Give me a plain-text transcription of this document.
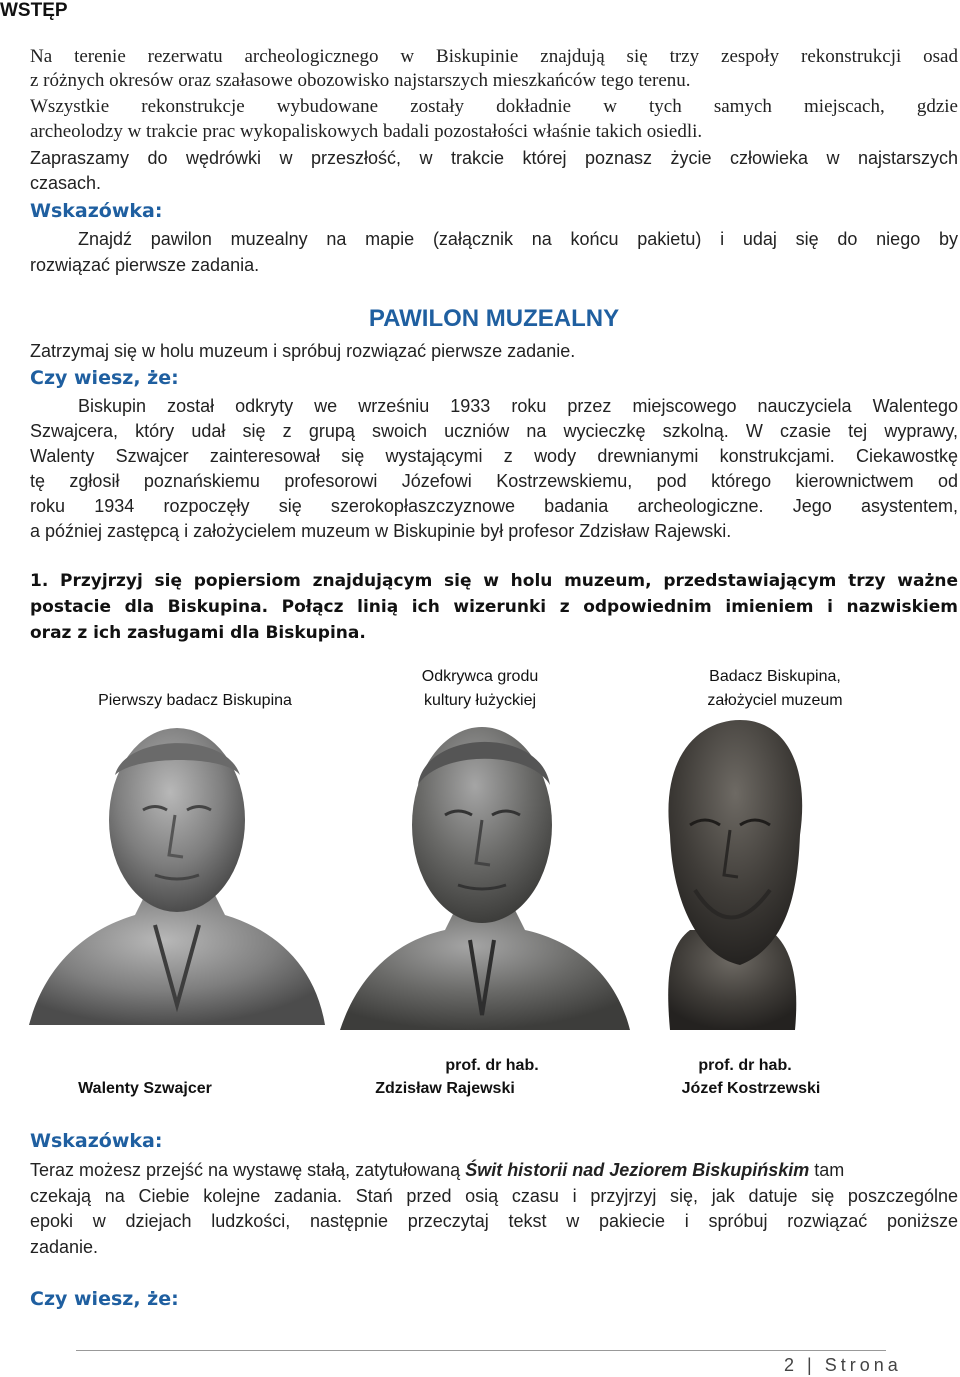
WSTĘP
Na terenie rezerwatu archeologicznego w Biskupinie znajdują się trzy zespoły rekonstrukcji osad
z różnych okresów oraz szałasowe obozowisko najstarszych mieszkańców tego terenu.
Wszystkie rekonstrukcje wybudowane zostały dokładnie w tych samych miejscach, gdzie
archeolodzy w trakcie prac wykopaliskowych badali pozostałości właśnie takich osiedli.
Zapraszamy do wędrówki w przeszłość, w trakcie której poznasz życie człowieka w najstarszych
czasach.
Wskazówka:
Znajdź pawilon muzealny na mapie (załącznik na końcu pakietu) i udaj się do niego by
rozwiązać pierwsze zadania.
PAWILON MUZEALNY
Zatrzymaj się w holu muzeum i spróbuj rozwiązać pierwsze zadanie.
Czy wiesz, że:
Biskupin został odkryty we wrześniu 1933 roku przez miejscowego nauczyciela Walentego
Szwajcera, który udał się z grupą swoich uczniów na wycieczkę szkolną. W czasie tej wyprawy,
Walenty Szwajcer zainteresował się wystającymi z wody drewnianymi konstrukcjami. Ciekawostkę
tę zgłosił poznańskiemu profesorowi Józefowi Kostrzewskiemu, pod którego kierownictwem od
roku 1934 rozpoczęły się szerokopłaszczyznowe badania archeologiczne. Jego asystentem,
a później zastępcą i założycielem muzeum w Biskupinie był profesor Zdzisław Rajewski.
1. Przyjrzyj się popiersiom znajdującym się w holu muzeum, przedstawiającym trzy ważne
postacie dla Biskupina. Połącz linią ich wizerunki z odpowiednim imieniem i nazwiskiem
oraz z ich zasługami dla Biskupina.
Pierwszy badacz Biskupina
Odkrywca grodu
kultury łużyckiej
Badacz Biskupina,
założyciel muzeum
prof. dr hab.	prof. dr hab.
Walenty Szwajcer	Zdzisław Rajewski	Józef Kostrzewski
Wskazówka:
Teraz możesz przejść na wystawę stałą, zatytułowaną Świt historii nad Jeziorem Biskupińskim tam
czekają na Ciebie kolejne zadania. Stań przed osią czasu i przyjrzyj się, jak datuje się poszczególne
epoki w dziejach ludzkości, następnie przeczytaj tekst w pakiecie i spróbuj rozwiązać poniższe
zadanie.
Czy wiesz, że:
2 | Strona
